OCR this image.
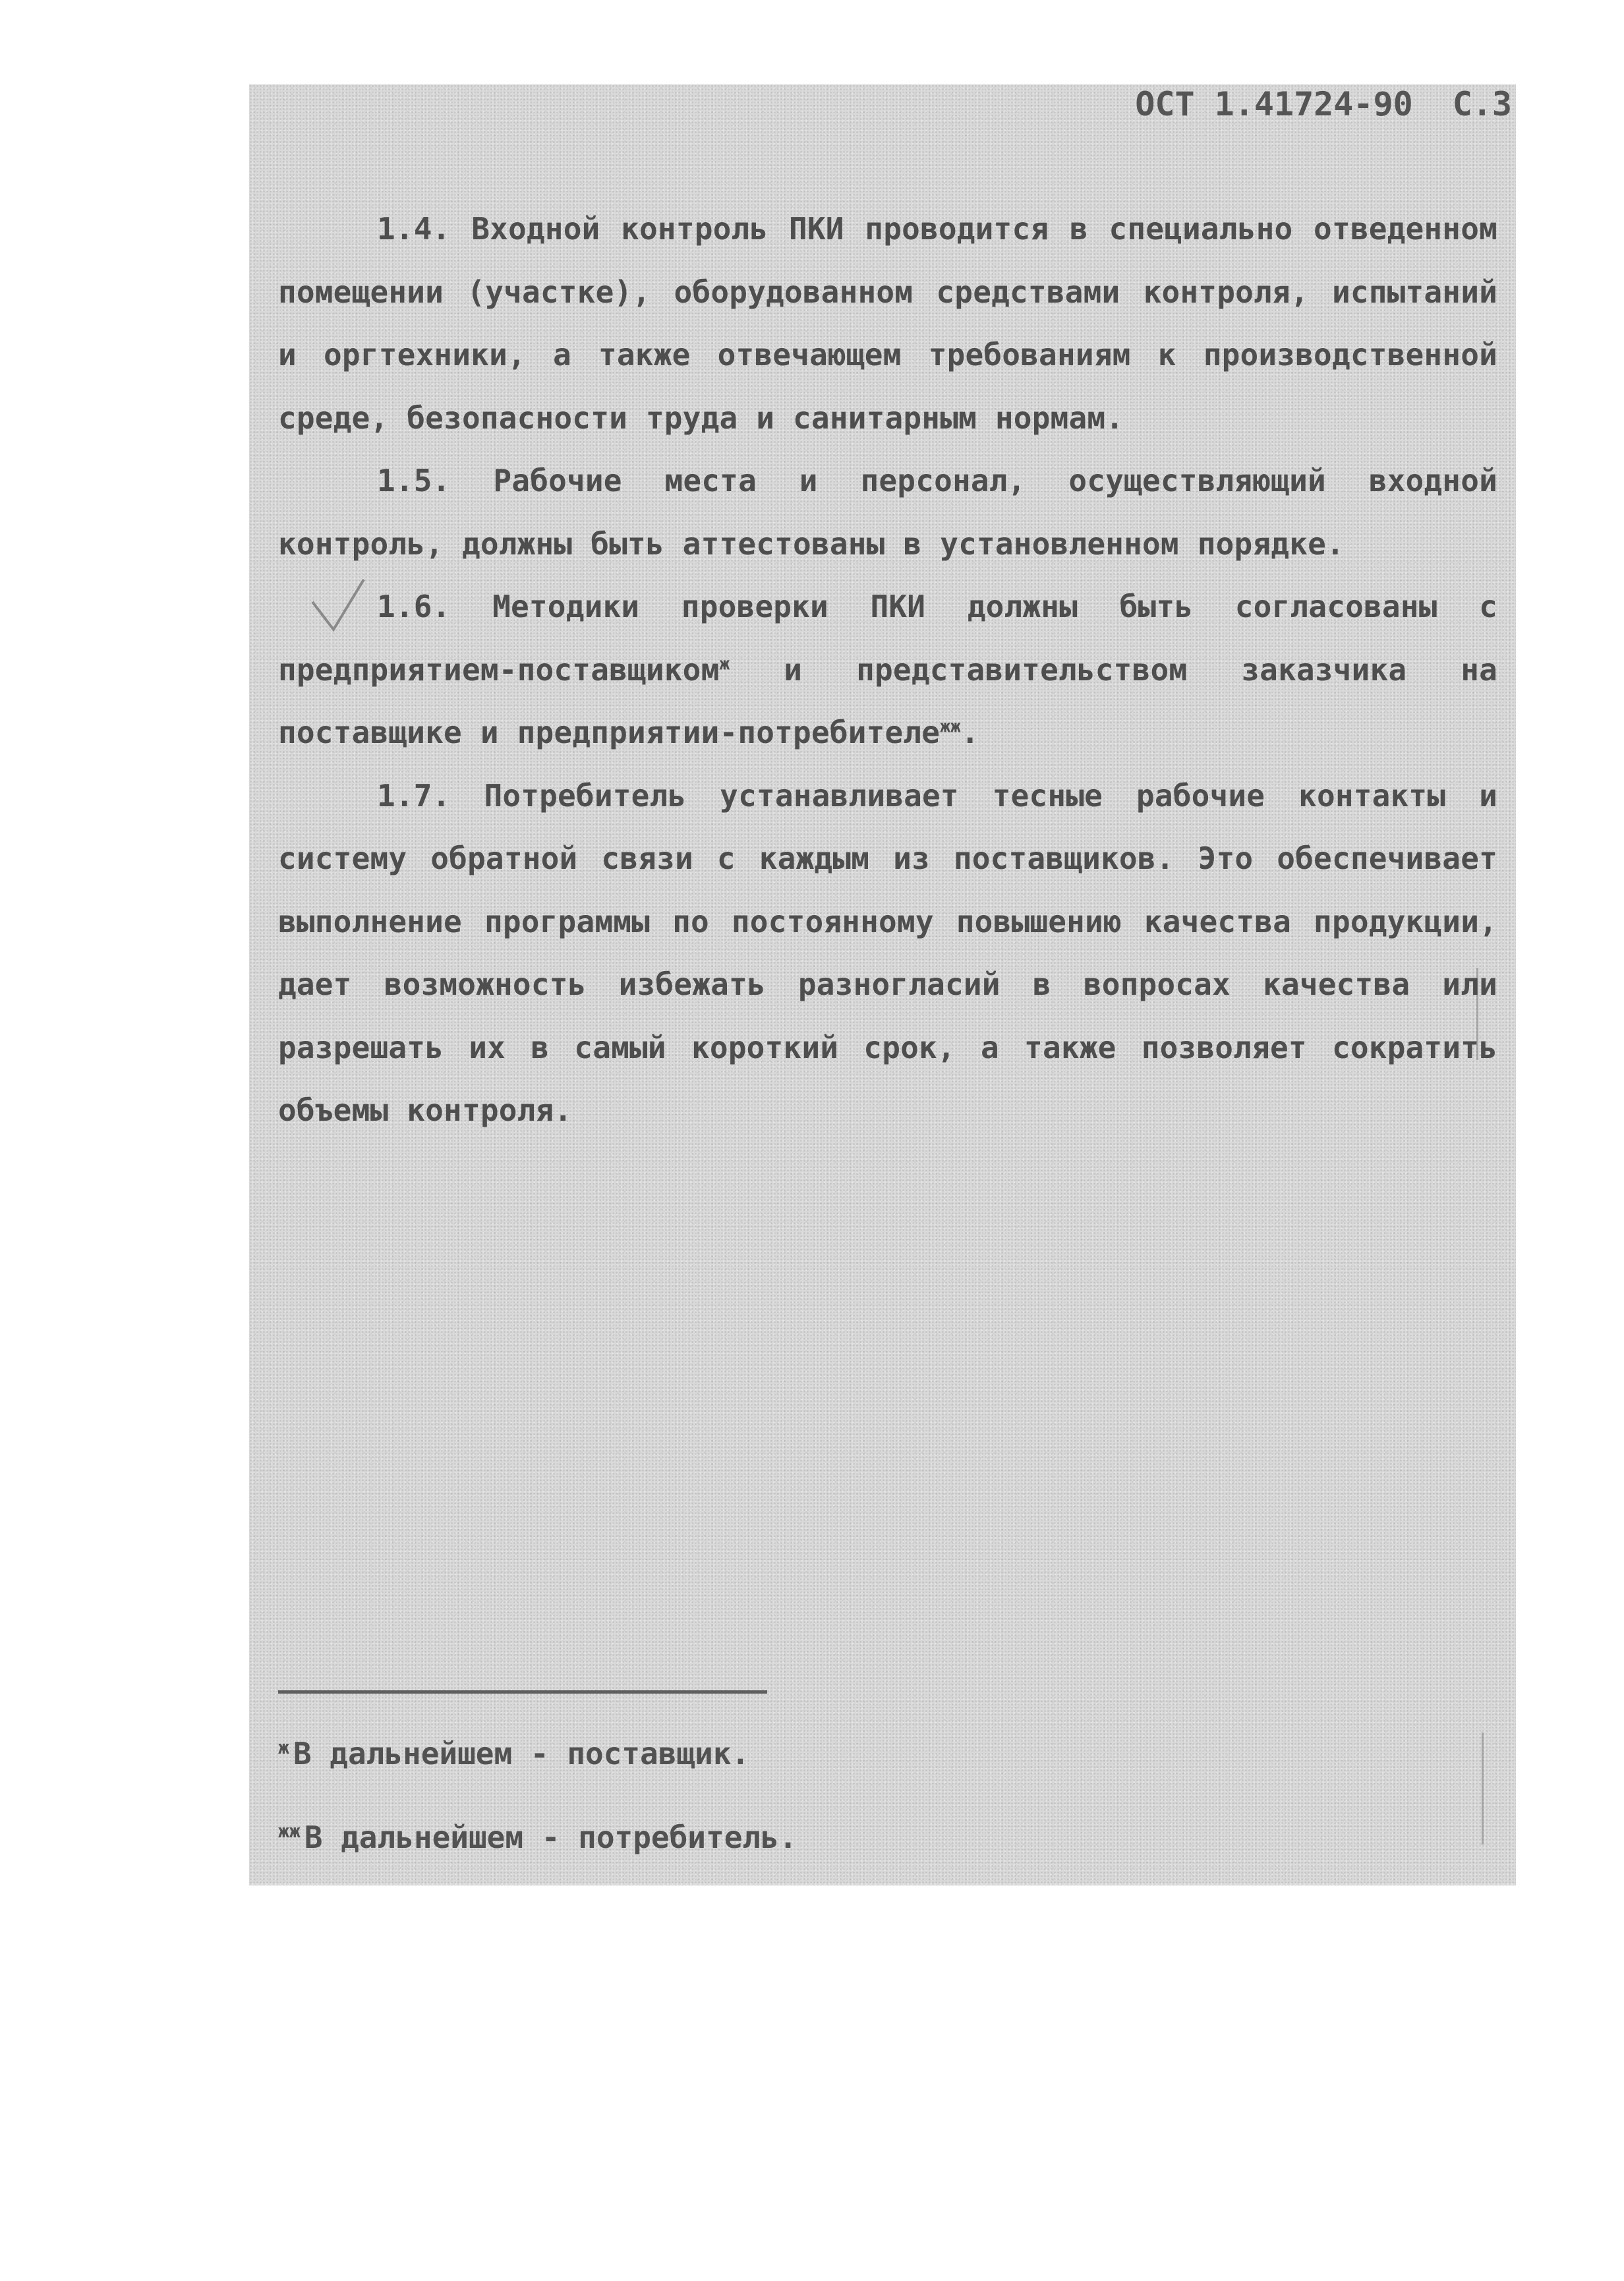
ОСТ 1.41724-90 С.3

1.4. Входной контроль ПКИ проводится в специально отведенном помещении (участке), оборудованном средствами контроля, испытаний и оргтехники, а также отвечающем требованиям к производственной среде, безопасности труда и санитарным нормам.

1.5. Рабочие места и персонал, осуществляющий входной контроль, должны быть аттестованы в установленном порядке.

1.6. Методики проверки ПКИ должны быть согласованы с предприятием-поставщиком$^ж$ и представительством заказчика на поставщике и предприятии-потребителе$^{жж}$.

1.7. Потребитель устанавливает тесные рабочие контакты и систему обратной связи с каждым из поставщиков. Это обеспечивает выполнение программы по постоянному повышению качества продукции, дает возможность избежать разногласий в вопросах качества или разрешать их в самый короткий срок, а также позволяет сократить объемы контроля.

$^ж$ В дальнейшем - поставщик.
$^{жж}$ В дальнейшем - потребитель.
